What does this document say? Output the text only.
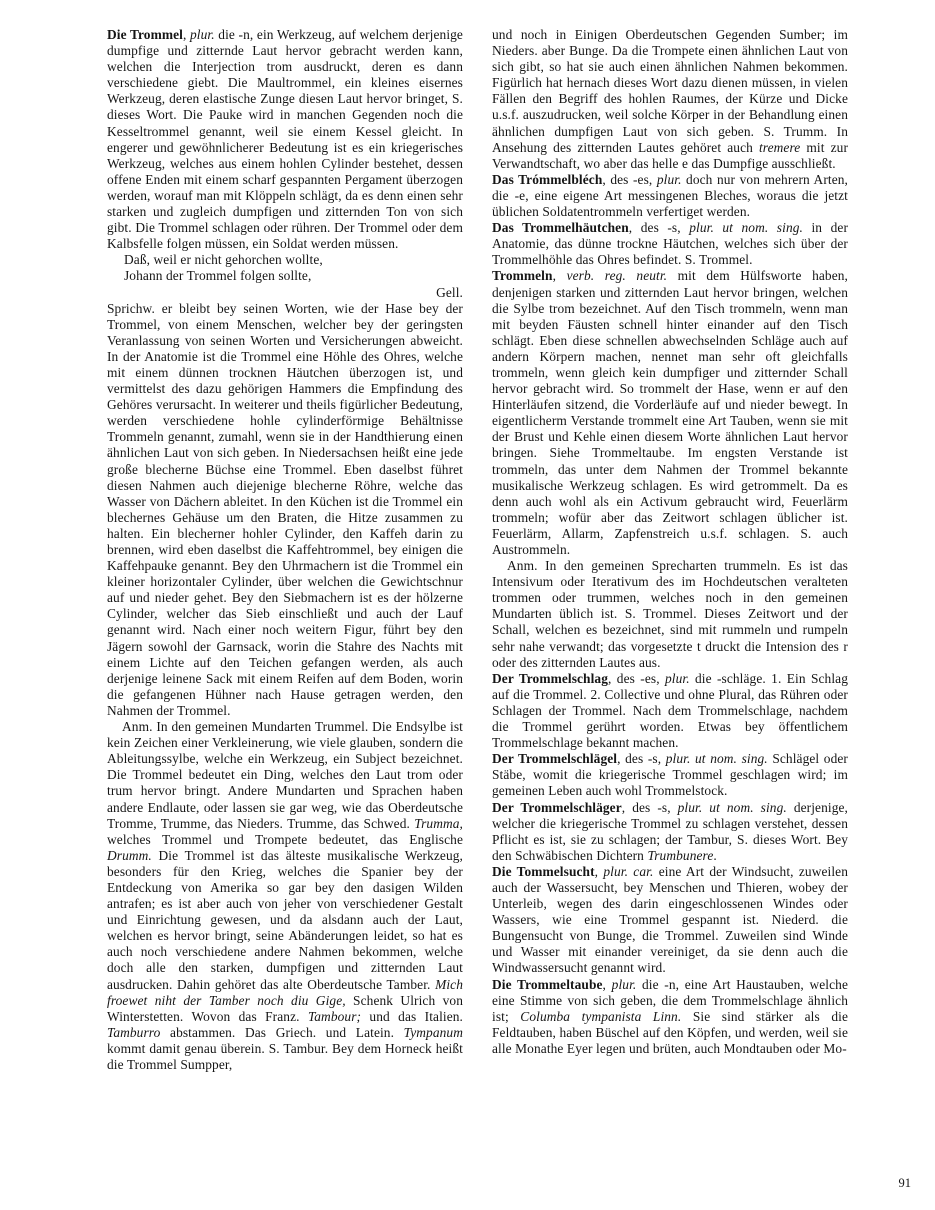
Die Trommel, plur. die -n, ein Werkzeug, auf welchem derjenige dumpfige und zitternde Laut hervor gebracht werden kann, welchen die Interjection trom ausdruckt, deren es dann verschiedene giebt. Die Maultrommel, ein kleines eisernes Werkzeug, deren elastische Zunge diesen Laut hervor bringet, S. dieses Wort. Die Pauke wird in manchen Gegenden noch die Kesseltrommel genannt, weil sie einem Kessel gleicht. In engerer und gewöhnlicherer Bedeutung ist es ein kriegerisches Werkzeug, welches aus einem hohlen Cylinder bestehet, dessen offene Enden mit einem scharf gespannten Pergament überzogen werden, worauf man mit Klöppeln schlägt, da es denn einen sehr starken und zugleich dumpfigen und zitternden Ton von sich gibt. Die Trommel schlagen oder rühren. Der Trommel oder dem Kalbsfelle folgen müssen, ein Soldat werden müssen.

Daß, weil er nicht gehorchen wollte,

Johann der Trommel folgen sollte,

Gell.

Sprichw. er bleibt bey seinen Worten, wie der Hase bey der Trommel, von einem Menschen, welcher bey der geringsten Veranlassung von seinen Worten und Versicherungen abweicht. In der Anatomie ist die Trommel eine Höhle des Ohres, welche mit einem dünnen trocknen Häutchen überzogen ist, und vermittelst des dazu gehörigen Hammers die Empfindung des Gehöres verursacht. In weiterer und theils figürlicher Bedeutung, werden verschiedene hohle cylinderförmige Behältnisse Trommeln genannt, zumahl, wenn sie in der Handthierung einen ähnlichen Laut von sich geben. In Niedersachsen heißt eine jede große blecherne Büchse eine Trommel. Eben daselbst führet diesen Nahmen auch diejenige blecherne Röhre, welche das Wasser von Dächern ableitet. In den Küchen ist die Trommel ein blechernes Gehäuse um den Braten, die Hitze zusammen zu halten. Ein blecherner hohler Cylinder, den Kaffeh darin zu brennen, wird eben daselbst die Kaffehtrommel, bey einigen die Kaffehpauke genannt. Bey den Uhrmachern ist die Trommel ein kleiner horizontaler Cylinder, über welchen die Gewichtschnur auf und nieder gehet. Bey den Siebmachern ist es der hölzerne Cylinder, welcher das Sieb einschließt und auch der Lauf genannt wird. Nach einer noch weitern Figur, führt bey den Jägern sowohl der Garnsack, worin die Stahre des Nachts mit einem Lichte auf den Teichen gefangen werden, als auch derjenige leinene Sack mit einem Reifen auf dem Boden, worin die gefangenen Hühner nach Hause getragen werden, den Nahmen der Trommel.

Anm. In den gemeinen Mundarten Trummel. Die Endsylbe ist kein Zeichen einer Verkleinerung, wie viele glauben, sondern die Ableitungssylbe, welche ein Werkzeug, ein Subject bezeichnet. Die Trommel bedeutet ein Ding, welches den Laut trom oder trum hervor bringt. Andere Mundarten und Sprachen haben andere Endlaute, oder lassen sie gar weg, wie das Oberdeutsche Tromme, Trumme, das Nieders. Trumme, das Schwed. Trumma, welches Trommel und Trompete bedeutet, das Englische Drumm. Die Trommel ist das älteste musikalische Werkzeug, besonders für den Krieg, welches die Spanier bey der Entdeckung von Amerika so gar bey den dasigen Wilden antrafen; es ist aber auch von jeher von verschiedener Gestalt und Einrichtung gewesen, und da alsdann auch der Laut, welchen es hervor bringt, seine Abänderungen leidet, so hat es auch noch verschiedene andere Nahmen bekommen, welche doch alle den starken, dumpfigen und zitternden Laut ausdrucken. Dahin gehöret das alte Oberdeutsche Tamber. Mich froewet niht der Tamber noch diu Gige, Schenk Ulrich von Winterstetten. Wovon das Franz. Tambour; und das Italien. Tamburro abstammen. Das Griech. und Latein. Tympanum kommt damit genau überein. S. Tambur. Bey dem Horneck heißt die Trommel Sumpper,

und noch in Einigen Oberdeutschen Gegenden Sumber; im Nieders. aber Bunge. Da die Trompete einen ähnlichen Laut von sich gibt, so hat sie auch einen ähnlichen Nahmen bekommen. Figürlich hat hernach dieses Wort dazu dienen müssen, in vielen Fällen den Begriff des hohlen Raumes, der Kürze und Dicke u.s.f. auszudrucken, weil solche Körper in der Behandlung einen ähnlichen dumpfigen Laut von sich geben. S. Trumm. In Ansehung des zitternden Lautes gehöret auch tremere mit zur Verwandtschaft, wo aber das helle e das Dumpfige ausschließt.

Das Trómmelbléch, des -es, plur. doch nur von mehrern Arten, die -e, eine eigene Art messingenen Bleches, woraus die jetzt üblichen Soldatentrommeln verfertiget werden.

Das Trommelhäutchen, des -s, plur. ut nom. sing. in der Anatomie, das dünne trockne Häutchen, welches sich über der Trommelhöhle das Ohres befindet. S. Trommel.

Trommeln, verb. reg. neutr. mit dem Hülfsworte haben, denjenigen starken und zitternden Laut hervor bringen, welchen die Sylbe trom bezeichnet. Auf den Tisch trommeln, wenn man mit beyden Fäusten schnell hinter einander auf den Tisch schlägt. Eben diese schnellen abwechselnden Schläge auch auf andern Körpern machen, nennet man sehr oft gleichfalls trommeln, wenn gleich kein dumpfiger und zitternder Schall hervor gebracht wird. So trommelt der Hase, wenn er auf den Hinterläufen sitzend, die Vorderläufe auf und nieder bewegt. In eigentlicherm Verstande trommelt eine Art Tauben, wenn sie mit der Brust und Kehle einen diesem Worte ähnlichen Laut hervor bringen. Siehe Trommeltaube. Im engsten Verstande ist trommeln, das unter dem Nahmen der Trommel bekannte musikalische Werkzeug schlagen. Es wird getrommelt. Da es denn auch wohl als ein Activum gebraucht wird, Feuerlärm trommeln; wofür aber das Zeitwort schlagen üblicher ist. Feuerlärm, Allarm, Zapfenstreich u.s.f. schlagen. S. auch Austrommeln.

Anm. In den gemeinen Sprecharten trummeln. Es ist das Intensivum oder Iterativum des im Hochdeutschen veralteten trommen oder trummen, welches noch in den gemeinen Mundarten üblich ist. S. Trommel. Dieses Zeitwort und der Schall, welchen es bezeichnet, sind mit rummeln und rumpeln sehr nahe verwandt; das vorgesetzte t druckt die Intension des r oder des zitternden Lautes aus.

Der Trommelschlag, des -es, plur. die -schläge. 1. Ein Schlag auf die Trommel. 2. Collective und ohne Plural, das Rühren oder Schlagen der Trommel. Nach dem Trommelschlage, nachdem die Trommel gerührt worden. Etwas bey öffentlichem Trommelschlage bekannt machen.

Der Trommelschlägel, des -s, plur. ut nom. sing. Schlägel oder Stäbe, womit die kriegerische Trommel geschlagen wird; im gemeinen Leben auch wohl Trommelstock.

Der Trommelschläger, des -s, plur. ut nom. sing. derjenige, welcher die kriegerische Trommel zu schlagen verstehet, dessen Pflicht es ist, sie zu schlagen; der Tambur, S. dieses Wort. Bey den Schwäbischen Dichtern Trumbunere.

Die Tommelsucht, plur. car. eine Art der Windsucht, zuweilen auch der Wassersucht, bey Menschen und Thieren, wobey der Unterleib, wegen des darin eingeschlossenen Windes oder Wassers, wie eine Trommel gespannt ist. Niederd. die Bungensucht von Bunge, die Trommel. Zuweilen sind Winde und Wasser mit einander vereiniget, da sie denn auch die Windwassersucht genannt wird.

Die Trommeltaube, plur. die -n, eine Art Haustauben, welche eine Stimme von sich geben, die dem Trommelschlage ähnlich ist; Columba tympanista Linn. Sie sind stärker als die Feldtauben, haben Büschel auf den Köpfen, und werden, weil sie alle Monathe Eyer legen und brüten, auch Mondtauben oder Mo-

91
